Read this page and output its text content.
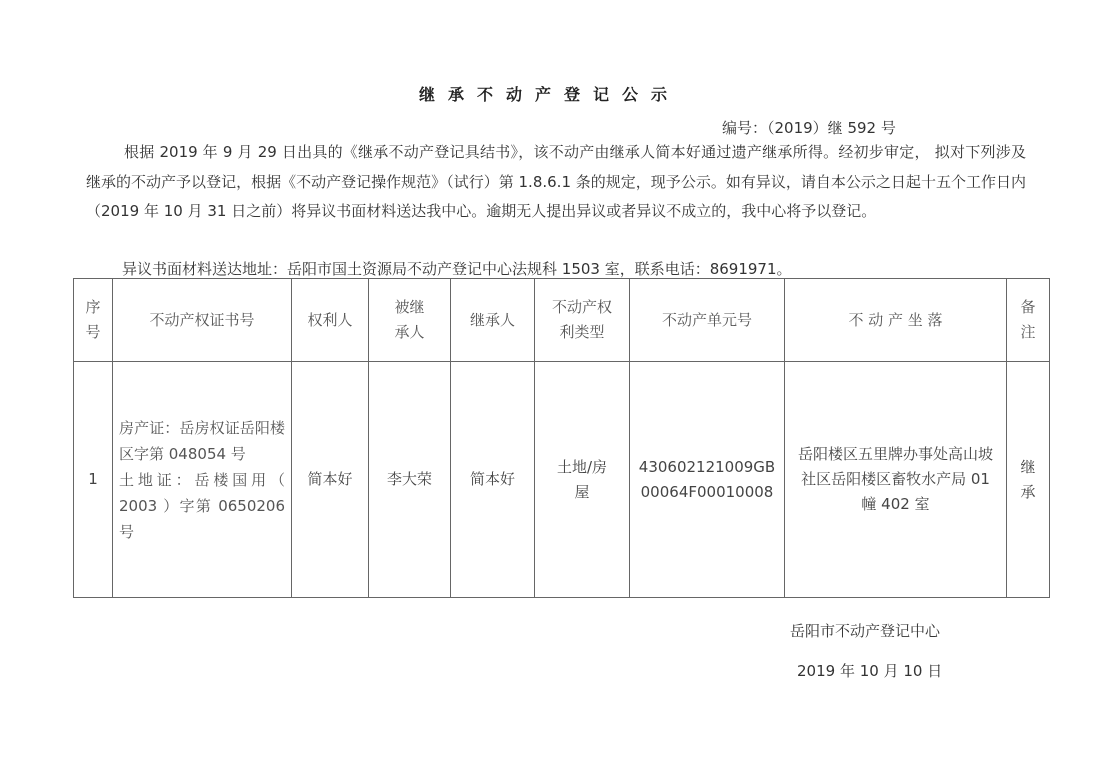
继承不动产登记公示
编号：（2019）继 592 号
根据 2019 年 9 月 29 日出具的《继承不动产登记具结书》，该不动产由继承人简本好通过遗产继承所得。经初步审定， 拟对下列涉及继承的不动产予以登记，根据《不动产登记操作规范》（试行）第 1.8.6.1 条的规定，现予公示。如有异议，请自本公示之日起十五个工作日内（2019 年 10 月 31 日之前）将异议书面材料送达我中心。逾期无人提出异议或者异议不成立的，我中心将予以登记。
异议书面材料送达地址：岳阳市国土资源局不动产登记中心法规科 1503 室，联系电话：8691971。
序号	不动产权证书号	权利人	被继承人	继承人	不动产权利类型	不动产单元号	不 动 产 坐 落	备注
1	房产证：岳房权证岳阳楼区字第 048054 号
土地证：岳楼国用（ 2003 ）字第 0650206 号	简本好	李大荣	简本好	土地/房屋	430602121009GB00064F00010008	岳阳楼区五里牌办事处高山坡社区岳阳楼区畜牧水产局 01 幢 402 室	继承
岳阳市不动产登记中心
2019 年 10 月 10 日
